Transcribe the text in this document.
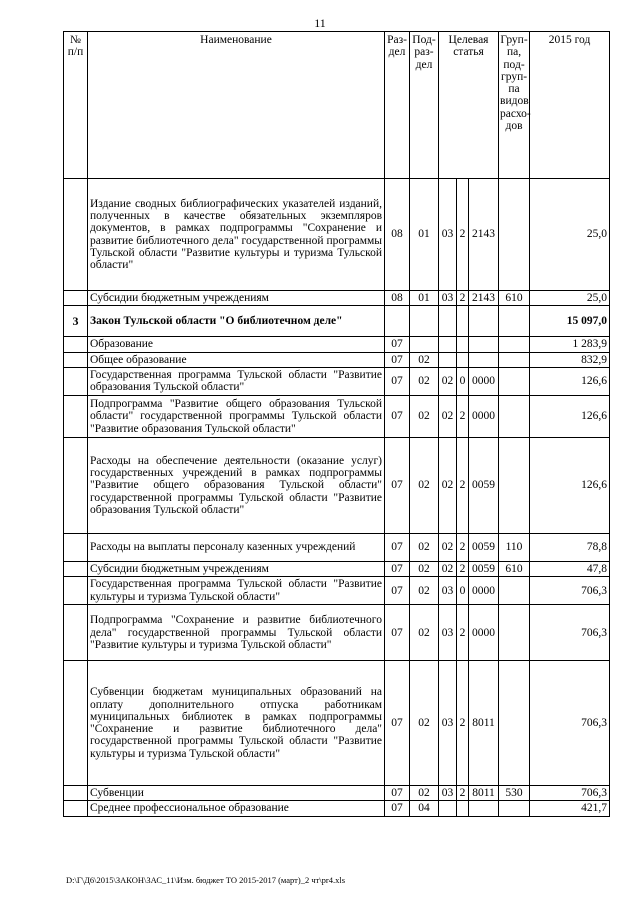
11
№ п/п	Наименование	Раз-дел	Под-раз-дел	Целевая статья			Груп-па, под-груп-па видов расхо-дов	2015 год
	Издание сводных библиографических указателей изданий, полученных в качестве обязательных экземпляров документов, в рамках подпрограммы "Сохранение и развитие библиотечного дела" государственной программы Тульской области "Развитие культуры и туризма Тульской области"	08	01	03	2	2143		25,0
	Субсидии бюджетным учреждениям	08	01	03	2	2143	610	25,0
3	Закон Тульской области "О библиотечном деле"							15 097,0
	Образование	07						1 283,9
	Общее образование	07	02					832,9
	Государственная программа Тульской области "Развитие образования Тульской области"	07	02	02	0	0000		126,6
	Подпрограмма "Развитие общего образования Тульской области" государственной программы Тульской области "Развитие образования Тульской области"	07	02	02	2	0000		126,6
	Расходы на обеспечение деятельности (оказание услуг) государственных учреждений в рамках подпрограммы "Развитие общего образования Тульской области" государственной программы Тульской области "Развитие образования Тульской области"	07	02	02	2	0059		126,6
	Расходы на выплаты персоналу казенных учреждений	07	02	02	2	0059	110	78,8
	Субсидии бюджетным учреждениям	07	02	02	2	0059	610	47,8
	Государственная программа Тульской области "Развитие культуры и туризма Тульской области"	07	02	03	0	0000		706,3
	Подпрограмма "Сохранение и развитие библиотечного дела" государственной программы Тульской области "Развитие культуры и туризма Тульской области"	07	02	03	2	0000		706,3
	Субвенции бюджетам муниципальных образований на оплату дополнительного отпуска работникам муниципальных библиотек в рамках подпрограммы "Сохранение и развитие библиотечного дела" государственной программы Тульской области "Развитие культуры и туризма Тульской области"	07	02	03	2	8011		706,3
	Субвенции	07	02	03	2	8011	530	706,3
	Среднее профессиональное образование	07	04					421,7
D:\Г\Д6\2015\ЗАКОН\ЗАС_11\Изм. бюджет ТО 2015-2017 (март)_2 чт\рr4.xls
